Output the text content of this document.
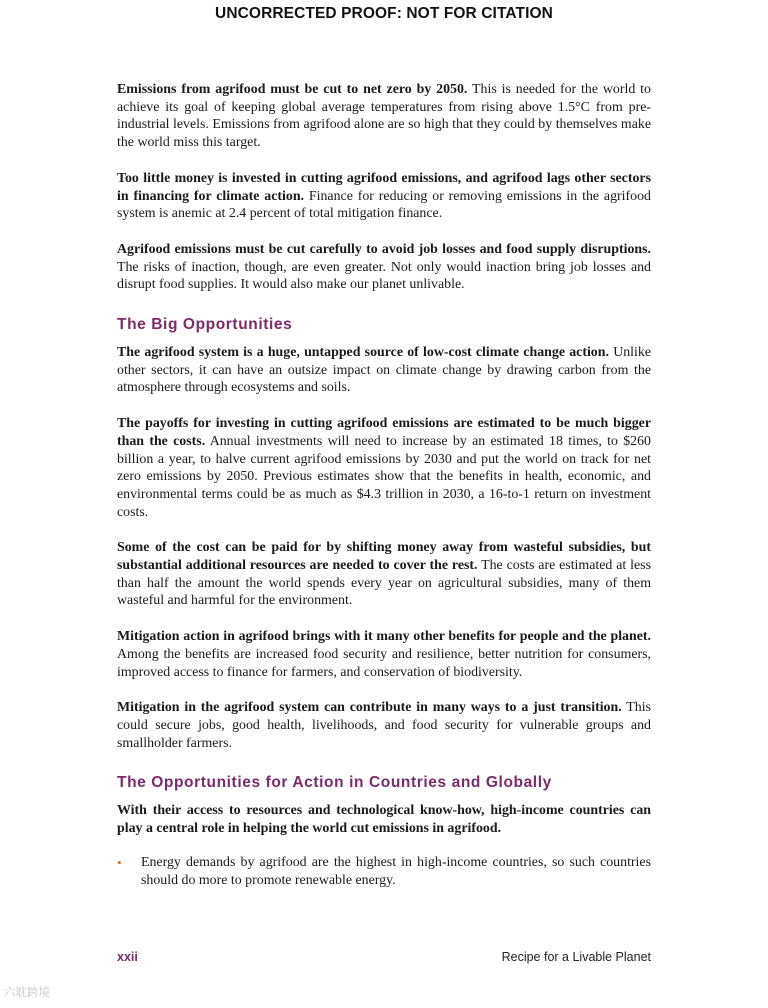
UNCORRECTED PROOF: NOT FOR CITATION

Emissions from agrifood must be cut to net zero by 2050. This is needed for the world to achieve its goal of keeping global average temperatures from rising above 1.5°C from pre-industrial levels. Emissions from agrifood alone are so high that they could by themselves make the world miss this target.

Too little money is invested in cutting agrifood emissions, and agrifood lags other sectors in financing for climate action. Finance for reducing or removing emissions in the agrifood system is anemic at 2.4 percent of total mitigation finance.

Agrifood emissions must be cut carefully to avoid job losses and food supply disruptions. The risks of inaction, though, are even greater. Not only would inaction bring job losses and disrupt food supplies. It would also make our planet unlivable.

The Big Opportunities

The agrifood system is a huge, untapped source of low-cost climate change action. Unlike other sectors, it can have an outsize impact on climate change by drawing carbon from the atmosphere through ecosystems and soils.

The payoffs for investing in cutting agrifood emissions are estimated to be much bigger than the costs. Annual investments will need to increase by an estimated 18 times, to $260 billion a year, to halve current agrifood emissions by 2030 and put the world on track for net zero emissions by 2050. Previous estimates show that the benefits in health, economic, and environmental terms could be as much as $4.3 trillion in 2030, a 16-to-1 return on investment costs.

Some of the cost can be paid for by shifting money away from wasteful subsidies, but substantial additional resources are needed to cover the rest. The costs are estimated at less than half the amount the world spends every year on agricultural subsidies, many of them wasteful and harmful for the environment.

Mitigation action in agrifood brings with it many other benefits for people and the planet. Among the benefits are increased food security and resilience, better nutrition for consumers, improved access to finance for farmers, and conservation of biodiversity.

Mitigation in the agrifood system can contribute in many ways to a just transition. This could secure jobs, good health, livelihoods, and food security for vulnerable groups and smallholder farmers.

The Opportunities for Action in Countries and Globally

With their access to resources and technological know-how, high-income countries can play a central role in helping the world cut emissions in agrifood.

• Energy demands by agrifood are the highest in high-income countries, so such countries should do more to promote renewable energy.
xxii	Recipe for a Livable Planet
六耽跨境
